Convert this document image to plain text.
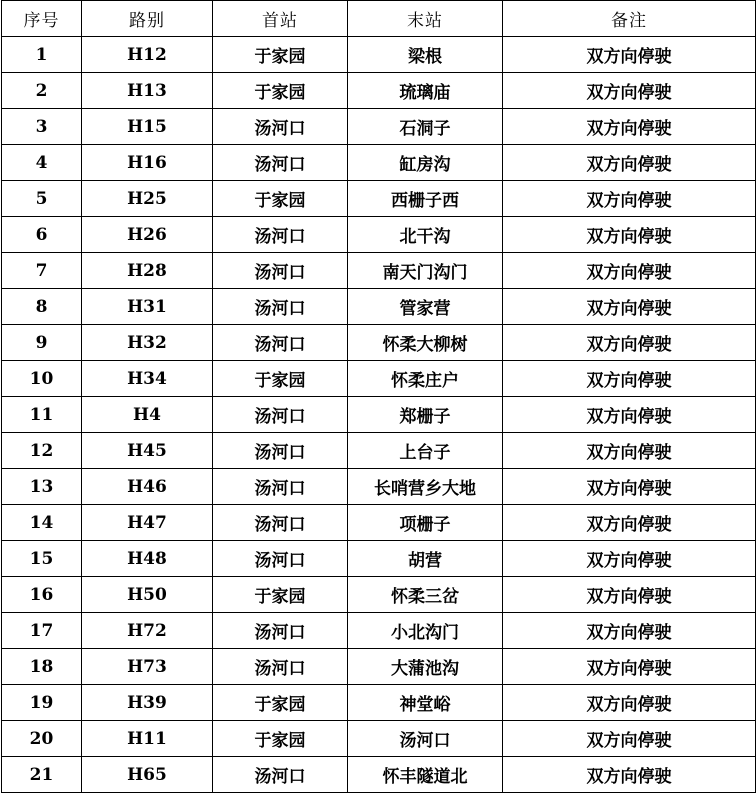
序号	路别	首站	末站	备注
1	H12	于家园	梁根	双方向停驶
2	H13	于家园	琉璃庙	双方向停驶
3	H15	汤河口	石洞子	双方向停驶
4	H16	汤河口	缸房沟	双方向停驶
5	H25	于家园	西栅子西	双方向停驶
6	H26	汤河口	北干沟	双方向停驶
7	H28	汤河口	南天门沟门	双方向停驶
8	H31	汤河口	管家营	双方向停驶
9	H32	汤河口	怀柔大柳树	双方向停驶
10	H34	于家园	怀柔庄户	双方向停驶
11	H4	汤河口	郑栅子	双方向停驶
12	H45	汤河口	上台子	双方向停驶
13	H46	汤河口	长哨营乡大地	双方向停驶
14	H47	汤河口	项栅子	双方向停驶
15	H48	汤河口	胡营	双方向停驶
16	H50	于家园	怀柔三岔	双方向停驶
17	H72	汤河口	小北沟门	双方向停驶
18	H73	汤河口	大蒲池沟	双方向停驶
19	H39	于家园	神堂峪	双方向停驶
20	H11	于家园	汤河口	双方向停驶
21	H65	汤河口	怀丰隧道北	双方向停驶
